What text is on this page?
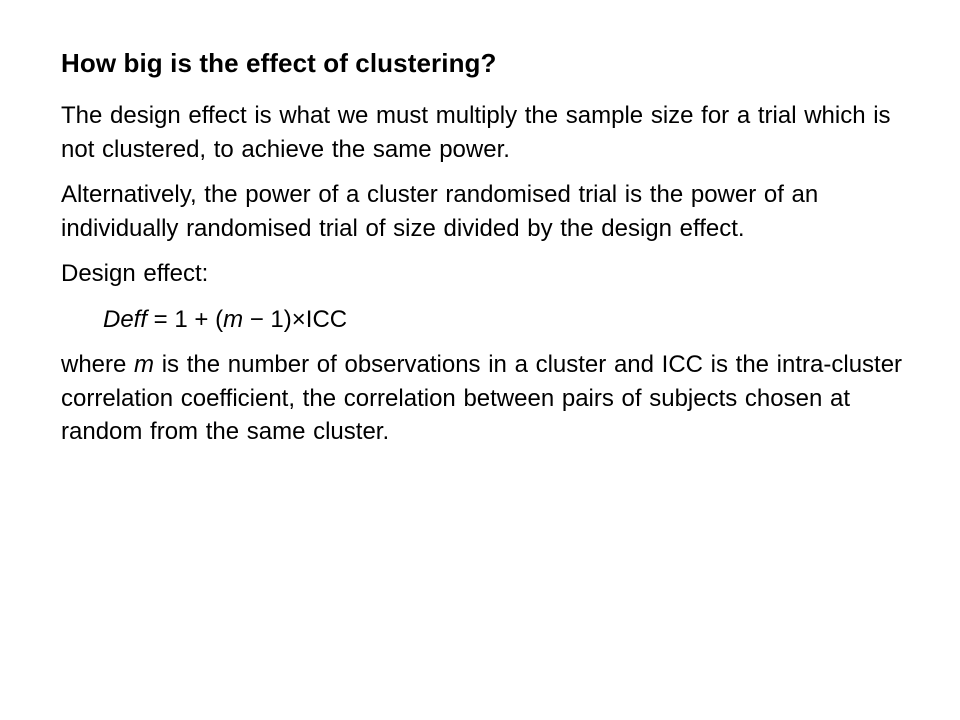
How big is the effect of clustering?

The design effect is what we must multiply the sample size for a trial which is not clustered, to achieve the same power.

Alternatively, the power of a cluster randomised trial is the power of an individually randomised trial of size divided by the design effect.

Design effect:

Deff = 1 + (m − 1)×ICC

where m is the number of observations in a cluster and ICC is the intra-cluster correlation coefficient, the correlation between pairs of subjects chosen at random from the same cluster.
